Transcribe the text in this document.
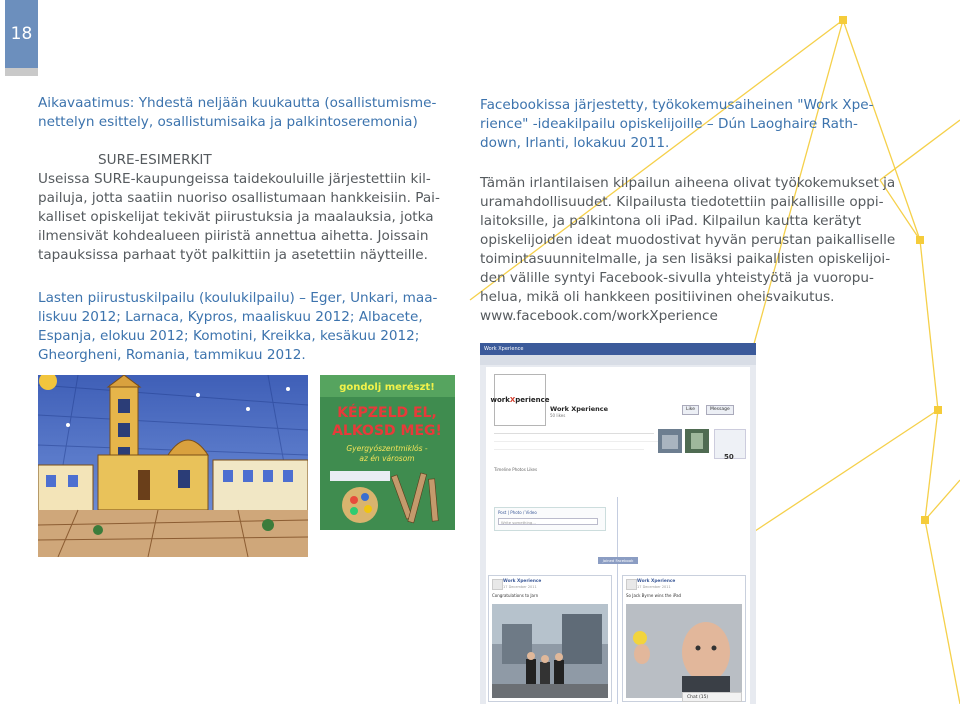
18
Aikavaatimus: Yhdestä neljään kuukautta (osallistumisme-
nettelyn esittely, osallistumisaika ja palkintoseremonia)
SURE-ESIMERKIT
Useissa SURE-kaupungeissa taidekouluille järjestettiin kil-
pailuja, jotta saatiin nuoriso osallistumaan hankkeisiin. Pai-
kalliset opiskelijat tekivät piirustuksia ja maalauksia, jotka
ilmensivät kohdealueen piiristä annettua aihetta. Joissain
tapauksissa parhaat työt palkittiin ja asetettiin näytteille.
Lasten piirustuskilpailu (koulukilpailu) – Eger, Unkari, maa-
liskuu 2012; Larnaca, Kypros, maaliskuu 2012; Albacete,
Espanja, elokuu 2012; Komotini, Kreikka, kesäkuu 2012;
Gheorgheni, Romania, tammikuu 2012.
Facebookissa järjestetty, työkokemusaiheinen "Work Xpe-
rience" -ideakilpailu opiskelijoille – Dún Laoghaire Rath-
down, Irlanti, lokakuu 2011.
Tämän irlantilaisen kilpailun aiheena olivat työkokemukset ja
uramahdollisuudet. Kilpailusta tiedotettiin paikallisille oppi-
laitoksille, ja palkintona oli iPad. Kilpailun kautta kerätyt
opiskelijoiden ideat muodostivat hyvän perustan paikalliselle
toimintasuunnitelmalle, ja sen lisäksi paikallisten opiskelijoi-
den välille syntyi Facebook-sivulla yhteistyötä ja vuoropu-
helua, mikä oli hankkeen positiivinen oheisvaikutus.
www.facebook.com/workXperience
gondolj merészt!
KÉPZELD EL,
ALKOSD MEG!
Gyergyószentmiklós -
az én városom
Work Xperience
workXperience
Work Xperience
50 likes
Like	Message
50
Timeline Photos Likes
Post | Photo / Video
Write something...
Joined Facebook
Work Xperience
17 December 2011
Congratulations to Jarn
Work Xperience
17 December 2011
So Jack Byrne wins the iPad
Chat (15)
